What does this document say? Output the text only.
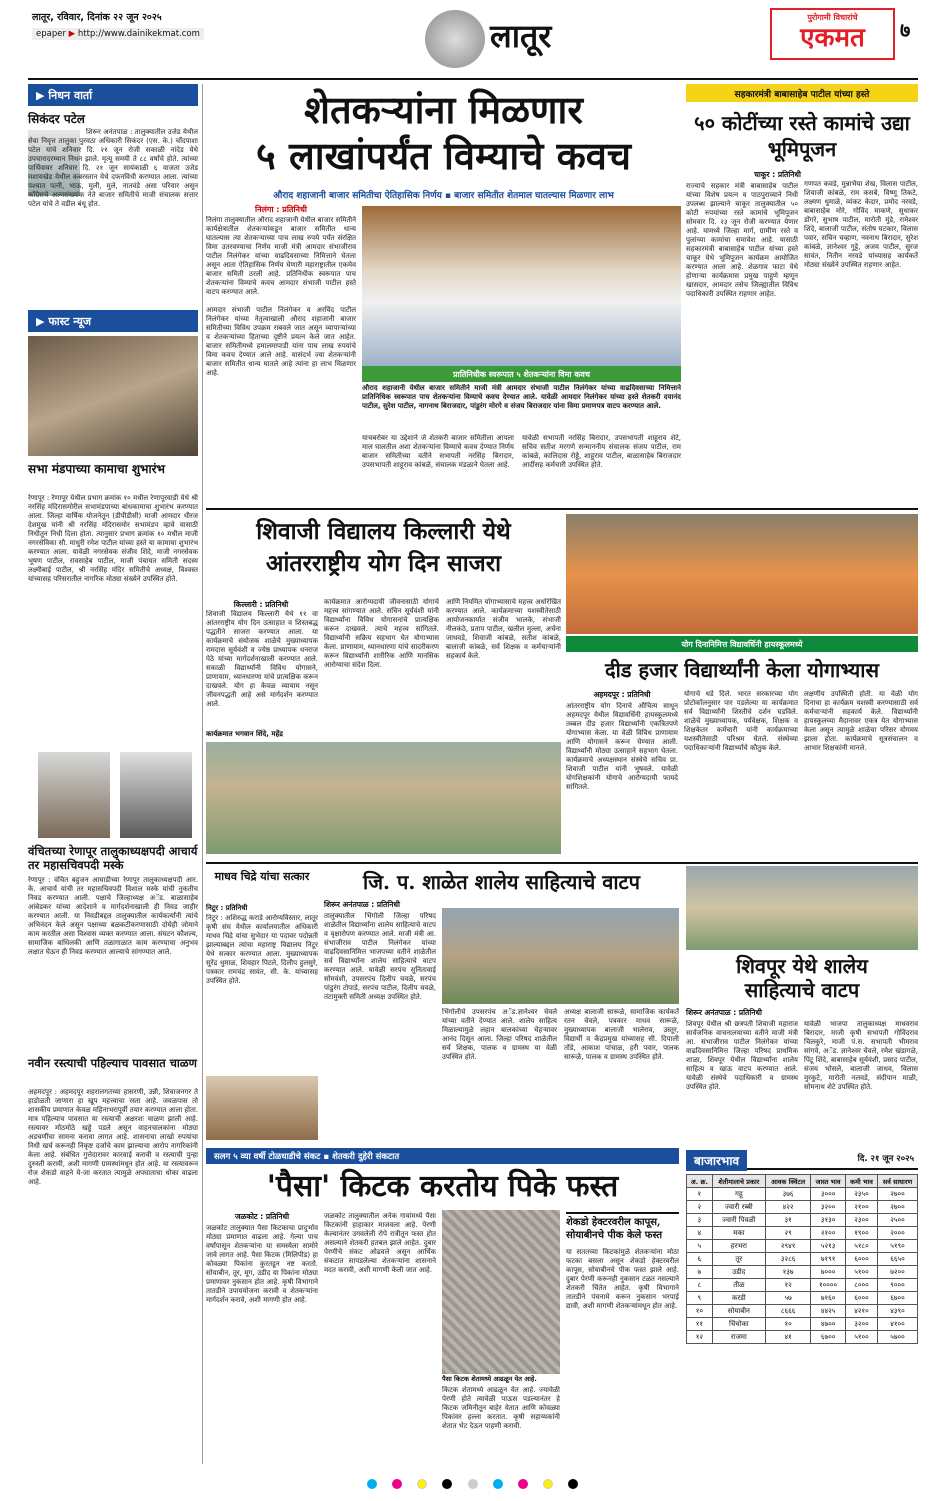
लातूर, रविवार, दिनांक २२ जून २०२५
epaper ▶ http://www.dainikekmat.com	लातूर	पुरोगामी विचारांचे
एकमत	७
▶ निधन वार्ता
सिकंदर पटेल
शिरूर अनंतपाळ : तालुक्यातील उजेड येथील सेवा निवृत्त तालुका पुरवठा अधिकारी सिकंदर (एस. के.) चाँदपाशा पटेल यांचे शनिवार दि. २१ जून रोजी सकाळी नांदेड येथे उपचारादरम्यान निधन झाले. मृत्यू समयी ते ८८ वर्षांचे होते. त्यांच्या पार्थिवावर शनिवार दि. २१ जून सायंकाळी ६ वाजता उजेड मशायखेड येथील कबरस्तान येथे दफनविधी करण्यात आला. त्यांच्या पश्चात पत्नी, भाऊ, मुली, मुले, नातवंडे असा परिवार असून कॉग्रेसचे अल्पसंख्यांक नेते बाजार समितीचे माजी संचालक सत्तार पटेल यांचे ते वडील बंधू होत.
▶ फास्ट न्यूज
सभा मंडपाच्या कामाचा शुभारंभ
रेणापूर : रेणापूर येथील प्रभाग क्रमांक १० मधील रेणापूरवाडी येथे श्री नरसिंह मंदिरासमोरील सभामंडपाच्या बांधकामाचा शुभारंभ करण्यात आला. जिल्हा वार्षिक योजनेतून (डीपीडीसी) माजी आमदार धीरज देशमुख यांनी श्री नरसिंह मंदिरासमोर सभामंडप व्हावे यासाठी निधीतून निधी दिला होता. त्यानुसार प्रभाग क्रमांक १० मधील माजी नगरसेविका सौ. माधुरी रमेश पाटील यांच्या हस्ते या कामाचा शुभारंभ करण्यात आला. यावेळी नगरसेवक संजीव शिंदे, माजी नगरसेवक भूषण पाटील, रावसाहेब पाटील, माजी पंचायत समिती सदस्य लक्ष्मीबाई पाटील, श्री नरसिंह मंदिर समितीचे अध्यक्ष, विश्वस्त यांच्यासह परिसरातील नागरिक मोठ्या संख्येने उपस्थित होते.
वंचितच्या रेणापूर तालुकाध्यक्षपदी आचार्य तर महासचिवपदी मस्के
रेणापूर : वंचित बहुजन आघाडीच्या रेणापूर तालुकाध्यक्षपदी आर. के. आचार्य यांची तर महासचिवपदी विशाल मस्के यांची नुकतीच निवड करण्यात आली. पक्षाचे जिल्हाध्यक्ष अॅड. बाळासाहेब आंबेडकर यांच्या आदेशाने व मार्गदर्शनाखाली ही निवड जाहीर करण्यात आली. या निवडीबद्दल तालुक्यातील कार्यकर्त्यांनी त्यांचे अभिनंदन केले असून पक्षाच्या बळकटीकरणासाठी दोघेही जोमाने काम करतील असा विश्वास व्यक्त करण्यात आला. संघटन कौशल्य, सामाजिक बांधिलकी आणि तळागाळात काम करण्याचा अनुभव लक्षात घेऊन ही निवड करण्यात आल्याचे सांगण्यात आले.
नवीन रस्त्याची पहिल्याच पावसात चाळण
अहमदपूर : अहमदपूर शहरालगतच्या हासरणी, उन्नी, शिवाजनगर ते हाडोळती जाणारा हा खूप महत्त्वाचा रस्ता आहे. जवळपास तो शासकीय प्रमाणात केवळ महिनाभरापूर्वी तयार करण्यात आला होता. मात्र पहिल्याच पावसात या रस्त्याची अक्षरशः चाळण झाली आहे. रस्त्यावर मोठमोठे खड्डे पडले असून वाहनचालकांना मोठ्या अडचणींचा सामना करावा लागत आहे. शासनाचा लाखो रुपयांचा निधी खर्च करूनही निकृष्ट दर्जाचे काम झाल्याचा आरोप नागरिकांनी केला आहे. संबंधित गुत्तेदारावर कारवाई करावी व रस्त्याची पुन्हा दुरुस्ती करावी, अशी मागणी ग्रामस्थांमधून होत आहे. या रस्त्यावरून रोज शेकडो वाहने ये-जा करतात त्यामुळे अपघाताचा धोका वाढला आहे.
शेतकऱ्यांना मिळणार
५ लाखांपर्यंत विम्याचे कवच
औराद शहाजानी बाजार समितीचा ऐतिहासिक निर्णय ▪ बाजार समितीत शेतमाल घातल्यास मिळणार लाभ
निलंगा : प्रतिनिधी
निलंगा तालुक्यातील औराद शहाजानी येथील बाजार समितीने कार्यक्षेत्रातील शेतकऱ्यांकडून बाजार समितीत धान्य घातल्यास त्या शेतकऱ्याच्या पाच लाख रुपये पर्यंत संरक्षित विमा उतरवण्याचा निर्णय माजी मंत्री आमदार संभाजीराव पाटील निलंगेकर यांच्या वाढदिवसाच्या निमित्ताने घेतला असून आता ऐतिहासिक निर्णय घेणारी महाराष्ट्रातील एकमेव बाजार समिती ठरली आहे. प्रतिनिधीक स्वरूपात पाच शेतकऱ्यांना विम्याचे कवच आमदार संभाजी पाटील हस्ते वाटप करण्यात आले.

आमदार संभाजी पाटील निलंगेकर व अरविंद पाटील निलंगेकर यांच्या नेतृत्वाखाली औराद शहाजानी बाजार समितीच्या विविध उपक्रम राबवले जात असून व्यापाऱ्यांच्या व शेतकऱ्यांच्या हिताच्या दृष्टीने प्रयत्न केले जात आहेत. बाजार समितीमध्ये हमालमापाडी यांना पाच लाख रुपयांचे विमा कवच देण्यात आले आहे. यासंदर्भ ज्या शेतकऱ्यांनी बाजार समितीत धान्य घातले आहे त्यांना हा लाभ मिळणार आहे.	प्रातिनिधीक स्वरूपात ५ शेतकऱ्यांना विमा कवच
औराद शहाजानी येथील बाजार समितीने माजी मंत्री आमदार संभाजी पाटील निलंगेकर यांच्या वाढदिवसाच्या निमित्ताने प्रातिनिधिक स्वरूपात पाच शेतकऱ्यांना विम्याचे कवच देण्यात आले. यावेळी आमदार निलंगेकर यांच्या हस्ते शेतकरी दयानंद पाटील, सुरेश पाटील, नागनाथ बिराजदार, पांडुरंग मोरगे व संजय बिराजदार यांना विमा प्रमाणपत्र वाटप करण्यात आले.
याचबरोबर या उद्देशाने जे शेतकरी बाजार समितीला आपला माल घालतील अशा शेतकऱ्यांना विम्याचे कवच देण्यात निर्णय बाजार समितीच्या वतीने सभापती नरसिंह बिरादार, उपसभापती शाहूराव कांबळे, संचालक मंडळाने घेतला आहे.
यावेळी सभापती नरसिंह बिरादार, उपसभापती शाहूराव शेटे, सचिव सतीश मरगणे सन्माननीय संचालक संजय पाटील, राम कांबळे, कालिदास रोड्डे, शाहूराव पाटील, बाळासाहेब बिराजदार आदींसह कर्मचारी उपस्थित होते.
सहकारमंत्री बाबासाहेब पाटील यांच्या हस्ते
५० कोटींच्या रस्ते कामांचे उद्या भूमिपूजन
चाकूर : प्रतिनिधी
राज्याचे सहकार मंत्री बाबासाहेब पाटील यांच्या विशेष प्रयत्न व पाठपुराव्याने निधी उपलब्ध झाल्याने चाकूर तालुक्यातील ५० कोटी रुपयांच्या रस्ते कामांचे भूमिपूजन सोमवार दि. २३ जून रोजी करण्यात येणार आहे. यामध्ये जिल्हा मार्ग, ग्रामीण रस्ते व पुलांच्या कामांचा समावेश आहे. यासाठी सहकारमंत्री बाबासाहेब पाटील यांच्या हस्ते चाकूर येथे भूमिपूजन कार्यक्रम आयोजित करण्यात आला आहे. शेळगाव फाटा येथे होणाऱ्या कार्यक्रमास प्रमुख पाहुणे म्हणून खासदार, आमदार तसेच जिल्ह्यातील विविध पदाधिकारी उपस्थित राहणार आहेत.
गणपत कवडे, मुन्नाभैया शेख, विलास पाटील, शिवाजी कांबळे, राम कसबे, विष्णू तिकटे, लक्ष्मण धुमाळे, व्यंकट केदार, प्रमोद नरवडे, बाबासाहेब मोरे, गोविंद माकणे, सुधाकर डोंगरे, सुभाष पाटील, मारोती मुंडे, रामेश्वर शिंदे, बालाजी पाटील, संतोष घटकार, विलास पवार, सचिन चव्हाण, नवनाथ बिरादार, सुरेश कांबळे, ज्ञानेश्वर गुट्टे, अजय पाटील, सुरज सावंत, नितीन नरवडे यांच्यासह कार्यकर्ते मोठ्या संख्येने उपस्थित राहणार आहेत.
शिवाजी विद्यालय किल्लारी येथे
आंतरराष्ट्रीय योग दिन साजरा
किल्लारी : प्रतिनिधी
शिवाजी विद्यालय किल्लारी येथे ११ वा आंतरराष्ट्रीय योग दिन उत्साहात व शिस्तबद्ध पद्धतीने साजरा करण्यात आला. या कार्यक्रमाचे संयोजक शाळेचे मुख्याध्यापक रामदास सूर्यवंशी व ज्येष्ठ प्राध्यापक धनराज पेठे यांच्या मार्गदर्शनाखाली करण्यात आले. सकाळी विद्यार्थ्यांनी विविध योगासने, प्राणायाम, ध्यानधारणा यांचे प्रात्यक्षिक करून दाखवले. योग हा केवळ व्यायाम नसून जीवनपद्धती आहे असे मार्गदर्शन करण्यात आले.
कार्यक्रमात आरोग्यदायी जीवनासाठी योगाचे महत्त्व सांगण्यात आले. सचिन सूर्यवंशी यांनी विद्यार्थ्यांना विविध योगासनांचे प्रात्यक्षिक करून दाखवले. त्याचे महत्त्व सांगितले. विद्यार्थ्यांनी सक्रिय सहभाग घेत योगाभ्यास केला. प्राणायाम, ध्यानधारणा यांचे सादरीकरण करून विद्यार्थ्यांनी शारीरिक आणि मानसिक आरोग्याचा संदेश दिला.
आणि नियमित योगाभ्यासाचे महत्त्व अधोरेखित करण्यात आले. कार्यक्रमाच्या यशस्वीतेसाठी आयोजनकार्यात संजीव भालके, संभाजी नीलकंठे, प्रताप पाटील, खलील मुल्ला, अर्चना जाधवडे, शिवाजी कांबळे, सतीश कांबळे, बालाजी कांबळे, सर्व शिक्षक व कर्मचाऱ्यांनी सहकार्य केले.
कार्यक्रमात भगवान शिंदे, महेंद्र
योग दिनानिमित्त विद्यावर्धिनी हायस्कूलमध्ये
दीड हजार विद्यार्थ्यांनी केला योगाभ्यास
अहमदपूर : प्रतिनिधी
आंतरराष्ट्रीय योग दिनाचे औचित्य साधून अहमदपूर येथील विद्यावर्धिनी हायस्कूलमध्ये तब्बल दीड हजार विद्यार्थ्यांनी एकत्रितपणे योगाभ्यास केला. या वेळी विविध प्राणायाम आणि योगासने करून घेण्यात आली. विद्यार्थ्यांनी मोठ्या उत्साहाने सहभाग घेतला. कार्यक्रमाचे अध्यक्षस्थान संस्थेचे सचिव प्रा. शिवाजी पाटील यांनी भूषवले. यावेळी योगशिक्षकांनी योगाचे आरोग्यदायी फायदे सांगितले.
योगाचे धडे दिले. भारत सरकारच्या योग प्रोटोकॉलनुसार पार पडलेल्या या कार्यक्रमात सर्व विद्यार्थ्यांनी शिस्तीचे दर्शन घडविले. शाळेचे मुख्याध्यापक, पर्यवेक्षक, शिक्षक व शिक्षकेतर कर्मचारी यांनी कार्यक्रमाच्या यशस्वीतेसाठी परिश्रम घेतले. संस्थेच्या पदाधिकाऱ्यांनी विद्यार्थ्यांचे कौतुक केले.
लक्षणीय उपस्थिती होती. या वेळी योग दिनाचा हा कार्यक्रम यशस्वी करण्यासाठी सर्व कर्मचाऱ्यांनी सहकार्य केले. विद्यार्थ्यांनी हायस्कूलच्या मैदानावर एकत्र येत योगाभ्यास केला असून त्यामुळे शाळेचा परिसर योगमय झाला होता. कार्यक्रमाचे सूत्रसंचालन व आभार शिक्षकांनी मानले.
माधव चिद्रे यांचा सत्कार
निटूर : प्रतिनिधी
निटूर : अशिरुद्ध कराडे आरोग्यविस्तार, लातूर कृषी संघ येथील कार्यालयातील अधिकारी माधव चिद्रे यांचा सुभेदार या पदावर पदोन्नती झाल्याबद्दल त्यांचा महाराष्ट्र विद्यालय निटूर येथे सत्कार करण्यात आला. मुख्याध्यापक सुरेंद्र धुमाळ, शिवहार पिटले, दिलीप हुलसुरे, पत्रकार रामचंद्र सावंत, सी. के. यांच्यासह उपस्थित होते.
जि. प. शाळेत शालेय साहित्याचे वाटप
शिरूर अनंतपाळ : प्रतिनिधी
तालुक्यातील भिंगोली जिल्हा परिषद शाळेतील विद्यार्थ्यांना शालेय साहित्याचे वाटप व वृक्षारोपण करण्यात आले. माजी मंत्री आ. संभाजीराव पाटील निलंगेकर यांच्या वाढदिवसानिमित्त भाजपच्या वतीने शाळेतील सर्व विद्यार्थ्यांना शालेय साहित्याचे वाटप करण्यात आले. यावेळी सरपंच सुनितावाई सोमवंशी, उपसरपंच दिलीप चवळे, सरपंच पांडुरंग टोपाडे, सरपंच पाटील, दिलीप चवळे, तंटामुक्ती समिती अध्यक्ष उपस्थित होते.
भिंगोलीचे उपसरपंच अॅड.ज्ञानेश्वर चेवले यांच्या वतीने देण्यात आले. शालेय साहित्य मिळाल्यामुळे लहान बालकांच्या चेहऱ्यावर आनंद दिसून आला. जिल्हा परिषद शाळेतील सर्व शिक्षक, पालक व ग्रामस्थ या वेळी उपस्थित होते.
अध्यक्ष बालाजी सारूळे, सामाजिक कार्यकर्ते रतन चेवले, पत्रकार माधव सारूळे, मुख्याध्यापक बालाजी भालेराव, उस्तूर, विद्यार्थी व केंद्रप्रमुख यांच्यासह सी. दिपाली तोंडे, आकाश पांचाळ, हरी पवार, पालक सारूळे, पालक व ग्रामस्थ उपस्थित होते.
शिवपूर येथे शालेय
साहित्याचे वाटप
शिरूर अनंतपाळ : प्रतिनिधी
शिवपूर येथील श्री छत्रपती शिवाजी महाराज सार्वजनिक वाचनालयाच्या वतीने माजी मंत्री आ. संभाजीराव पाटील निलंगेकर यांच्या वाढदिवसानिमित्त जिल्हा परिषद प्राथमिक शाळा, शिवपूर येथील विद्यार्थ्यांना शालेय साहित्य व खाऊ वाटप करण्यात आले. यावेळी संस्थेचे पदाधिकारी व ग्रामस्थ उपस्थित होते.
यावेळी भाजपा तालुकाध्यक्ष माधवराव बिरादार, माजी कृषी सभापती गोविंदराव चिलकुरे, माजी पं.स. सभापती भीमराव सांगवे, अॅड. ज्ञानेश्वर चेवले, रमेश खंडागळे, पिंटू शिंदे, बाबासाहेब सूर्यवंशी, प्रसाद पाटील, संजय भोसले, बालाजी जाधव, विलास मुरकुटे, मारोती नलवडे, संदीपान माळी, सोमनाथ शेटे उपस्थित होते.
सलग ५ व्या वर्षी टोळधाडीचे संकट ▪ शेतकरी दुहेरी संकटात
'पैसा' किटक करतोय पिके फस्त
जळकोट : प्रतिनिधी
जळकोट तालुक्यात पैसा किटकाचा प्रादुर्भाव मोठ्या प्रमाणात वाढला आहे. गेल्या पाच वर्षांपासून शेतकऱ्यांना या समस्येला सामोरे जावे लागत आहे. पैसा किटक (मिलिपीड) हा कोवळ्या पिकांना कुरतडून नष्ट करतो. सोयाबीन, तूर, मूग, उडीद या पिकांना मोठ्या प्रमाणावर नुकसान होत आहे. कृषी विभागाने तातडीने उपाययोजना करावी व शेतकऱ्यांना मार्गदर्शन करावे, अशी मागणी होत आहे.
जळकोट तालुक्यातील अनेक गावांमध्ये पैसा किटकांनी हाहाकार माजवला आहे. पेरणी केल्यानंतर उगवलेली रोपे रात्रीतून फस्त होत असल्याने शेतकरी हतबल झाले आहेत. दुबार पेरणीचे संकट ओढवले असून आर्थिक संकटात सापडलेल्या शेतकऱ्यांना शासनाने मदत करावी, अशी मागणी केली जात आहे.
पैसा किटक शेतामध्ये आढळून येत आहे.
किटक शेतामध्ये आढळून येत आहे. ज्यावेळी पेरणी होते त्यावेळी पाऊस पडल्यानंतर हे किटक जमिनीतून बाहेर येतात आणि कोवळ्या पिकांवर हल्ला करतात. कृषी सहाय्यकांनी शेतात भेट देऊन पाहणी करावी.
शेकडो हेक्टरवरील कापूस, सोयाबीनचे पीक केले फस्त
या सततच्या किटकांमुळे शेतकऱ्यांना मोठा फटका बसला असून शेकडो हेक्टरवरील कापूस, सोयाबीनचे पीक फस्त झाले आहे. दुबार पेरणी करूनही नुकसान टळत नसल्याने शेतकरी चिंतेत आहेत. कृषी विभागाने तातडीने पंचनामे करून नुकसान भरपाई द्यावी, अशी मागणी शेतकऱ्यांमधून होत आहे.
बाजारभाव	दि. २१ जून २०२५
अ. क्र.	शेतीमालाचे प्रकार	आवक क्विंटल	जास्त भाव	कमी भाव	सर्व साधारण
१	गहू	३७६	३०००	२३५०	२७००
२	ज्वारी रब्बी	४२२	३२००	२१००	२७००
३	ज्वारी पिवळी	३१	३१३०	२३००	२५००
४	मका	२९	२१००	१९००	२०००
५	हरभरा	२९४१	५२१३	५१८०	५१९०
६	तूर	३२८६	७१९१	६०००	६६५०
७	उडीद	१३७	७०००	५१००	७२००
८	तीळ	१२	१००००	८०००	९०००
९	करडी	५७	७१६०	६०००	६७००
१०	सोयाबीन	८६६६	४४२५	४२१०	४३९०
११	चिंचोका	१०	४७००	३२००	४१००
१२	राजमा	४१	६७००	५१००	५७००
